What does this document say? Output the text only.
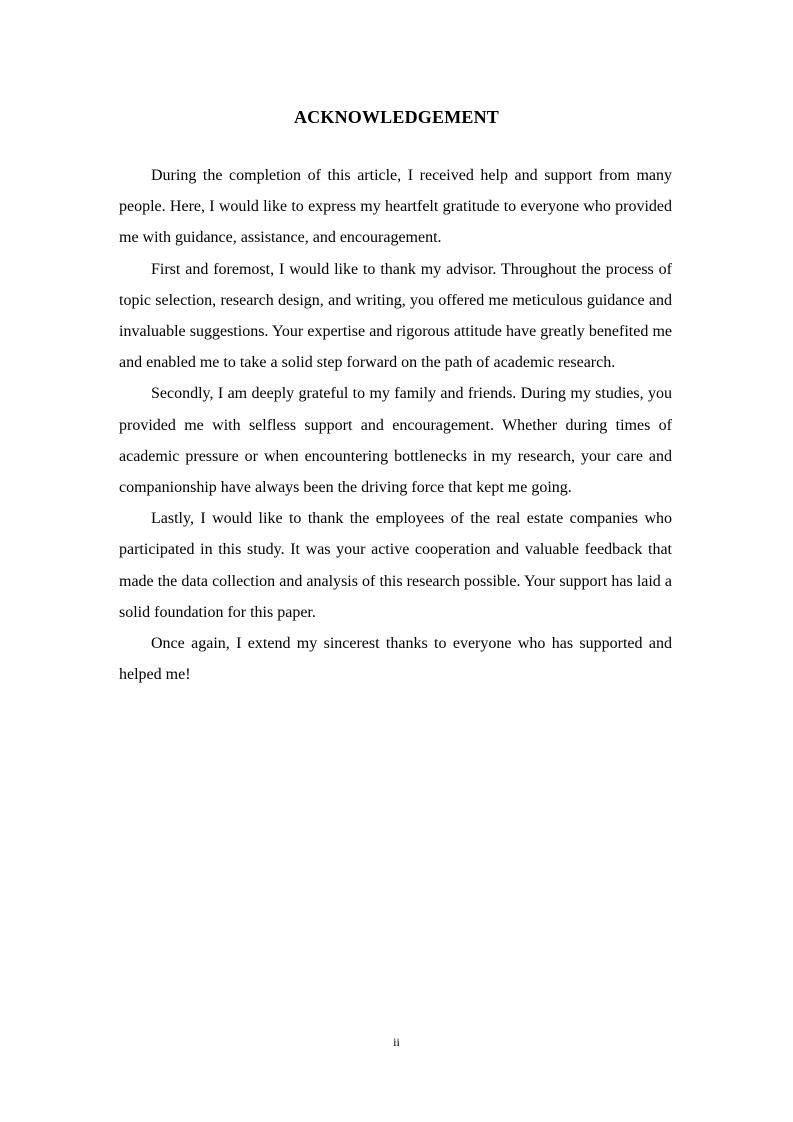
ACKNOWLEDGEMENT

During the completion of this article, I received help and support from many people. Here, I would like to express my heartfelt gratitude to everyone who provided me with guidance, assistance, and encouragement.

First and foremost, I would like to thank my advisor. Throughout the process of topic selection, research design, and writing, you offered me meticulous guidance and invaluable suggestions. Your expertise and rigorous attitude have greatly benefited me and enabled me to take a solid step forward on the path of academic research.

Secondly, I am deeply grateful to my family and friends. During my studies, you provided me with selfless support and encouragement. Whether during times of academic pressure or when encountering bottlenecks in my research, your care and companionship have always been the driving force that kept me going.

Lastly, I would like to thank the employees of the real estate companies who participated in this study. It was your active cooperation and valuable feedback that made the data collection and analysis of this research possible. Your support has laid a solid foundation for this paper.

Once again, I extend my sincerest thanks to everyone who has supported and helped me!

ii
